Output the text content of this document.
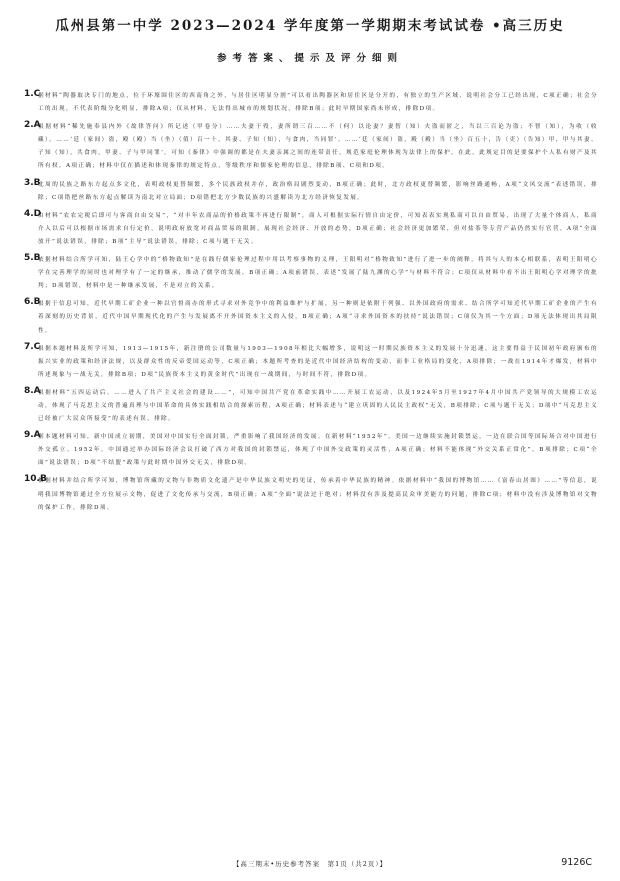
瓜州县第一中学 2023—2024 学年度第一学期期末考试试卷 •高三历史
参考答案、提示及评分细则
1.C
据材料“陶器取决专门的地点，位于环壕围住区的西南角之外，与居住区明显分割”可以看出陶器区和居住区是分开的，有独立的生产区域，说明社会分工已经出现，C项正确；社会分工的出现，不代表阶级分化明显，排除A项；仅从材料，无法得出城市的规划状况，排除B项；此时早期国家尚未形成，排除D项。
2.A
根据材料“稀先施奉县内外《故律答问》所记述（甲卷分）……夫妻于殁，妻所谓三百……不（何）以论妻？妻智（知）夫盗而匿之，当以三百论为盗；不智（知），为收（收藏）。……‘廷（家间）盗，殿（殿）当（坐）（值）百一十，其妻、子知（知），与食肉，当同罪’。……‘廷（家间）盗，殿（殿）当（坐）百五十，告（吏）（告知）甲，甲与其妻、子知（知），共食肉，甲妻、子与甲同罪’。可知《秦律》中强调的都是在夫妻亲属之间的连带责任，规范家庭伦理体现为法律上的保护。在此，此规定目的是要保护个人私有财产及其所有权，A项正确；材料中仅在描述和体现秦律的规定特点，等级秩序和儒家伦理的信息，排除B项、C项和D项。
3.B
北周的民族之路东方起点多文化，表明政权更替频繁，多个民族政权并存，政治格局剧烈变动，B项正确；此时，北方政权更替频繁，影响丝路通畅，A项“文风交流”表述错误，排除；C项错把丝路东方起点解读为南北对立局面；D项错把北方少数民族的兴盛解读为北方经济恢复发展。
4.D
由材料“农农完税后即可与客商自由交易”，“对丰年农商品的价格政策不再进行限制”，商人可根据实际行情自由定价，可知表表实现私商可以自由贸易，出现了大量个体商人，私商介入以后可以根据市场需求自行定价，说明政府放宽对商品贸易的限制，展现社会经济、开放的态势，D项正确；社会经济更加繁荣，但对盐茶等专营产品仍然实行官营，A项“全面放开”说法错误，排除；B项“主导”说法错误，排除；C项与题干无关。
5.B
依据材料结合所学可知，陆王心学中的“格物致知”是在践行儒家伦理过程中用以考察事物的义理，王阳明对“格物致知”进行了进一步的阐释，将其与人的本心相联系，表明王阳明心学在完善理学的同时也对理学有了一定的继承，推动了儒学的发展，B项正确；A项前错误，表述“发展了陆九渊的心学”与材料不符合；C项仅从材料中看不出王阳明心学对理学的批判；D项错误，材料中是一种继承发展，不是对立的关系。
6.B
根据于信息可知，近代早期工矿企业一种以官督商办的形式寻求对外竞争中的利益维护与扩展，另一种则是依附于列强、以外国政府的需求、结合所学可知近代早期工矿企业的产生有着深刻的历史背景，近代中国早期现代化的产生与发展离不开外国资本主义的入侵，B项正确；A项“寻求外国资本的扶持”说法错误；C项仅为其一个方面；D项无法体现出其局限性。
7.C
根据本题材料及所学可知，1913—1915年，新注册的公司数量与1903—1908年相比大幅增多，说明这一时期民族资本主义的发展十分迅速，这主要得益于民国初年政府颁布的振兴实业的政策和经济法规，以及群众性的反帝爱国运动等，C项正确；本题所考查的是近代中国经济结构的变动，而非工业格局的变化，A项排除；一战在1914年才爆发，材料中所述现象与一战无关，排除B项；D项“民族资本主义的黄金时代”出现在一战期间，与时间不符，排除D项。
8.A
根据材料“五四运动后，……进入了共产主义社会的建设……”，可知中国共产党在革命实践中……开展工农运动，以及1924年5月至1927年4月中国共产党领导的大规模工农运动，体现了马克思主义的普遍真理与中国革命的具体实践相结合的探索历程，A项正确；材料表述与“建立巩固的人民民主政权”无关，B项排除；C项与题干无关；D项中“马克思主义已经被广大民众所接受”的表述有误，排除。
9.A
据本题材料可知，新中国成立初期，美国对中国实行全面封锁，严重影响了我国经济的发展。在新材料“1952年”，美国一边继续实施封锁禁运，一边在联合国等国际场合对中国进行外交孤立。1952年，中国通过举办国际经济会议打破了西方对我国的封锁禁运，体现了中国外交政策的灵活性，A项正确；材料不能体现“外交关系正常化”，B项排除；C项“全面”说法错误；D项“不结盟”政策与此时期中国外交无关，排除D项。
10.B
根据材料并结合所学可知，博物馆所藏的文物与非物质文化遗产是中华民族文明史的见证，传承着中华民族的精神。依据材料中“我国的博物馆……《富春山居图》……”等信息，说明我国博物馆通过全方位展示文物，促进了文化传承与交流，B项正确；A项“全面”说法过于绝对；材料没有涉及提高民众审美能力的问题，排除C项；材料中没有涉及博物馆对文物的保护工作，排除D项。
【高三期末•历史参考答案　第1页（共2页）】	9126C
